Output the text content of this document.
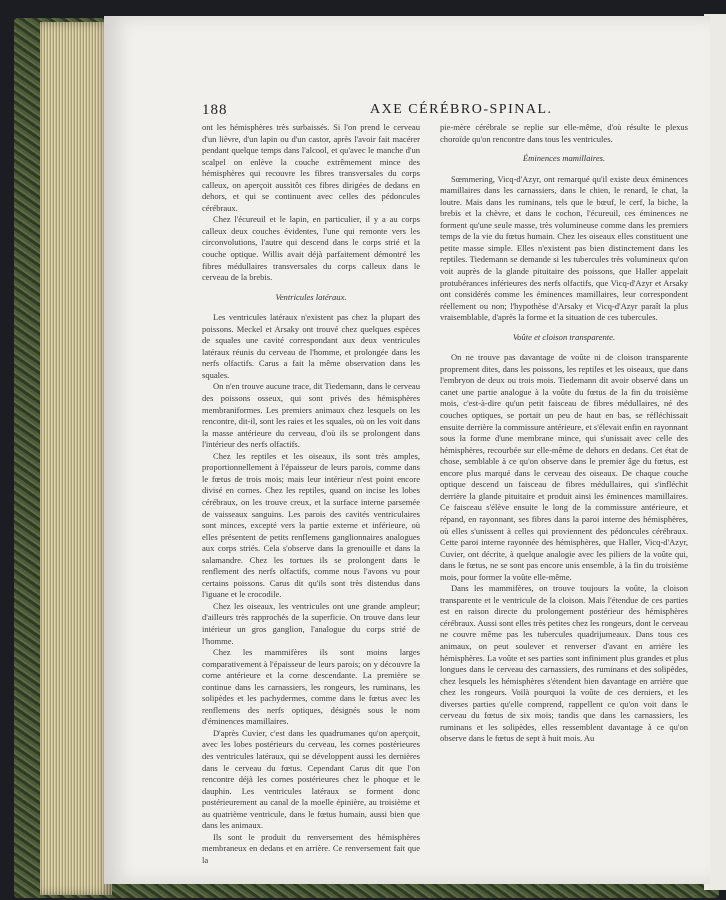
188	AXE CÉRÉBRO-SPINAL.

ont les hémisphères très surbaissés. Si l'on prend le cerveau d'un lièvre, d'un lapin ou d'un castor, après l'avoir fait macérer pendant quelque temps dans l'alcool, et qu'avec le manche d'un scalpel on enlève la couche extrêmement mince des hémisphères qui recouvre les fibres transversales du corps calleux, on aperçoit aussitôt ces fibres dirigées de dedans en dehors, et qui se continuent avec celles des pédoncules cérébraux.

Chez l'écureuil et le lapin, en particulier, il y a au corps calleux deux couches évidentes, l'une qui remonte vers les circonvolutions, l'autre qui descend dans le corps strié et la couche optique. Willis avait déjà parfaitement démontré les fibres médullaires transversales du corps calleux dans le cerveau de la brebis.

Ventricules latéraux.

Les ventricules latéraux n'existent pas chez la plupart des poissons. Meckel et Arsaky ont trouvé chez quelques espèces de squales une cavité correspondant aux deux ventricules latéraux réunis du cerveau de l'homme, et prolongée dans les nerfs olfactifs. Carus a fait la même observation dans les squales.

On n'en trouve aucune trace, dit Tiedemann, dans le cerveau des poissons osseux, qui sont privés des hémisphères membraniformes. Les premiers animaux chez lesquels on les rencontre, dit-il, sont les raies et les squales, où on les voit dans la masse antérieure du cerveau, d'où ils se prolongent dans l'intérieur des nerfs olfactifs.

Chez les reptiles et les oiseaux, ils sont très amples, proportionnellement à l'épaisseur de leurs parois, comme dans le fœtus de trois mois; mais leur intérieur n'est point encore divisé en cornes. Chez les reptiles, quand on incise les lobes cérébraux, on les trouve creux, et la surface interne parsemée de vaisseaux sanguins. Les parois des cavités ventriculaires sont minces, excepté vers la partie externe et inférieure, où elles présentent de petits renflemens ganglionnaires analogues aux corps striés. Cela s'observe dans la grenouille et dans la salamandre. Chez les tortues ils se prolongent dans le renflement des nerfs olfactifs, comme nous l'avons vu pour certains poissons. Carus dit qu'ils sont très distendus dans l'iguane et le crocodile.

Chez les oiseaux, les ventricules ont une grande ampleur; d'ailleurs très rapprochés de la superficie. On trouve dans leur intérieur un gros ganglion, l'analogue du corps strié de l'homme.

Chez les mammifères ils sont moins larges comparativement à l'épaisseur de leurs parois; on y découvre la corne antérieure et la corne descendante. La première se continue dans les carnassiers, les rongeurs, les ruminans, les solipèdes et les pachydermes, comme dans le fœtus avec les renflemens des nerfs optiques, désignés sous le nom d'éminences mamillaires.

D'après Cuvier, c'est dans les quadrumanes qu'on aperçoit, avec les lobes postérieurs du cerveau, les cornes postérieures des ventricules latéraux, qui se développent aussi les dernières dans le cerveau du fœtus. Cependant Carus dit que l'on rencontre déjà les cornes postérieures chez le phoque et le dauphin. Les ventricules latéraux se forment donc postérieurement au canal de la moelle épinière, au troisième et au quatrième ventricule, dans le fœtus humain, aussi bien que dans les animaux.

Ils sont le produit du renversement des hémisphères membraneux en dedans et en arrière. Ce renversement fait que la

pie-mère cérébrale se replie sur elle-même, d'où résulte le plexus choroïde qu'on rencontre dans tous les ventricules.

Éminences mamillaires.

Sœmmering, Vicq-d'Azyr, ont remarqué qu'il existe deux éminences mamillaires dans les carnassiers, dans le chien, le renard, le chat, la loutre. Mais dans les ruminans, tels que le bœuf, le cerf, la biche, la brebis et la chèvre, et dans le cochon, l'écureuil, ces éminences ne forment qu'une seule masse, très volumineuse comme dans les premiers temps de la vie du fœtus humain. Chez les oiseaux elles constituent une petite masse simple. Elles n'existent pas bien distinctement dans les reptiles. Tiedemann se demande si les tubercules très volumineux qu'on voit auprès de la glande pituitaire des poissons, que Haller appelait protubérances inférieures des nerfs olfactifs, que Vicq-d'Azyr et Arsaky ont considérés comme les éminences mamillaires, leur correspondent réellement ou non; l'hypothèse d'Arsaky et Vicq-d'Azyr paraît la plus vraisemblable, d'après la forme et la situation de ces tubercules.

Voûte et cloison transparente.

On ne trouve pas davantage de voûte ni de cloison transparente proprement dites, dans les poissons, les reptiles et les oiseaux, que dans l'embryon de deux ou trois mois. Tiedemann dit avoir observé dans un canet une partie analogue à la voûte du fœtus de la fin du troisième mois, c'est-à-dire qu'un petit faisceau de fibres médullaires, né des couches optiques, se portait un peu de haut en bas, se réfléchissait ensuite derrière la commissure antérieure, et s'élevait enfin en rayonnant sous la forme d'une membrane mince, qui s'unissait avec celle des hémisphères, recourbée sur elle-même de dehors en dedans. Cet état de chose, semblable à ce qu'on observe dans le premier âge du fœtus, est encore plus marqué dans le cerveau des oiseaux. De chaque couche optique descend un faisceau de fibres médullaires, qui s'infléchit derrière la glande pituitaire et produit ainsi les éminences mamillaires. Ce faisceau s'élève ensuite le long de la commissure antérieure, et répand, en rayonnant, ses fibres dans la paroi interne des hémisphères, où elles s'unissent à celles qui proviennent des pédoncules cérébraux. Cette paroi interne rayonnée des hémisphères, que Haller, Vicq-d'Azyr, Cuvier, ont décrite, à quelque analogie avec les piliers de la voûte qui, dans le fœtus, ne se sont pas encore unis ensemble, à la fin du troisième mois, pour former la voûte elle-même.

Dans les mammifères, on trouve toujours la voûte, la cloison transparente et le ventricule de la cloison. Mais l'étendue de ces parties est en raison directe du prolongement postérieur des hémisphères cérébraux. Aussi sont elles très petites chez les rongeurs, dont le cerveau ne couvre même pas les tubercules quadrijumeaux. Dans tous ces animaux, on peut soulever et renverser d'avant en arrière les hémisphères. La voûte et ses parties sont infiniment plus grandes et plus longues dans le cerveau des carnassiers, des ruminans et des solipèdes, chez lesquels les hémisphères s'étendent bien davantage en arrière que chez les rongeurs. Voilà pourquoi la voûte de ces derniers, et les diverses parties qu'elle comprend, rappellent ce qu'on voit dans le cerveau du fœtus de six mois; tandis que dans les carnassiers, les ruminans et les solipèdes, elles ressemblent davantage à ce qu'on observe dans le fœtus de sept à huit mois. Au
